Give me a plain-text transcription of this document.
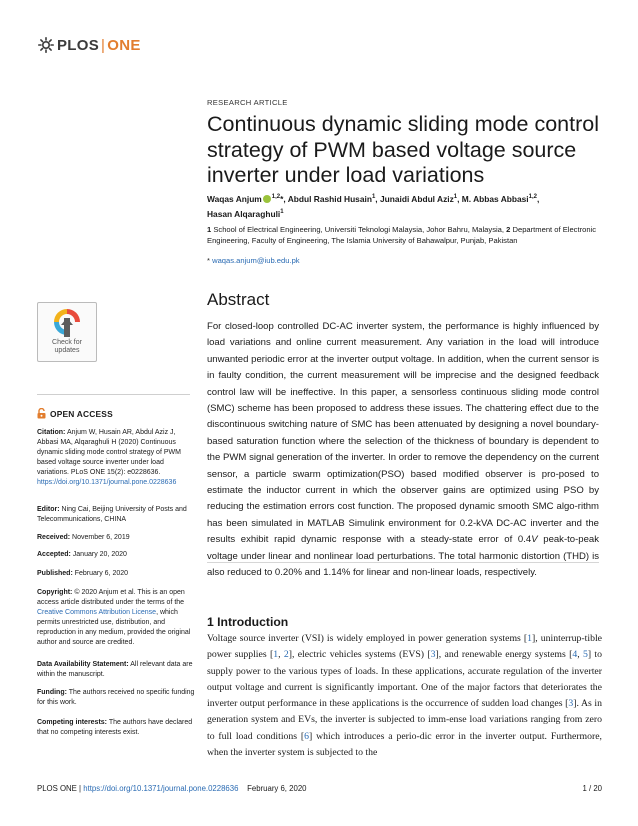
PLOS | ONE
RESEARCH ARTICLE
Continuous dynamic sliding mode control strategy of PWM based voltage source inverter under load variations
Waqas Anjum $^{1,2}$*, Abdul Rashid Husain$^1$, Junaidi Abdul Aziz$^1$, M. Abbas Abbasi$^{1,2}$,
Hasan Alqaraghuli$^1$
1 School of Electrical Engineering, Universiti Teknologi Malaysia, Johor Bahru, Malaysia, 2 Department of Electronic Engineering, Faculty of Engineering, The Islamia University of Bahawalpur, Punjab, Pakistan
* waqas.anjum@iub.edu.pk
Abstract
For closed-loop controlled DC-AC inverter system, the performance is highly influenced by load variations and online current measurement. Any variation in the load will introduce unwanted periodic error at the inverter output voltage. In addition, when the current sensor is in faulty condition, the current measurement will be imprecise and the designed feedback control law will be ineffective. In this paper, a sensorless continuous sliding mode control (SMC) scheme has been proposed to address these issues. The chattering effect due to the discontinuous switching nature of SMC has been attenuated by designing a novel boundary-based saturation function where the selection of the thickness of boundary is dependent to the PWM signal generation of the inverter. In order to remove the dependency on the current sensor, a particle swarm optimization(PSO) based modified observer is pro-posed to estimate the inductor current in which the observer gains are optimized using PSO by reducing the estimation errors cost function. The proposed dynamic smooth SMC algo-rithm has been simulated in MATLAB Simulink environment for 0.2-kVA DC-AC inverter and the results exhibit rapid dynamic response with a steady-state error of 0.4V peak-to-peak voltage under linear and nonlinear load perturbations. The total harmonic distortion (THD) is also reduced to 0.20% and 1.14% for linear and non-linear loads, respectively.
1 Introduction
Voltage source inverter (VSI) is widely employed in power generation systems [1], uninterrup-tible power supplies [1, 2], electric vehicles systems (EVS) [3], and renewable energy systems [4, 5] to supply power to the various types of loads. In these applications, accurate regulation of the inverter output voltage and current is significantly important. One of the major factors that deteriorates the inverter output performance in these applications is the occurrence of sudden load changes [3]. As in generation system and EVs, the inverter is subjected to imm-ense load variations ranging from zero to full load conditions [6] which introduces a perio-dic error in the inverter output. Furthermore, when the inverter system is subjected to the
Check for
updates
OPEN ACCESS
Citation: Anjum W, Husain AR, Abdul Aziz J, Abbasi MA, Alqaraghuli H (2020) Continuous dynamic sliding mode control strategy of PWM based voltage source inverter under load variations. PLoS ONE 15(2): e0228636. https://doi.org/10.1371/journal.pone.0228636
Editor: Ning Cai, Beijing University of Posts and Telecommunications, CHINA
Received: November 6, 2019
Accepted: January 20, 2020
Published: February 6, 2020
Copyright: © 2020 Anjum et al. This is an open access article distributed under the terms of the Creative Commons Attribution License, which permits unrestricted use, distribution, and reproduction in any medium, provided the original author and source are credited.
Data Availability Statement: All relevant data are within the manuscript.
Funding: The authors received no specific funding for this work.
Competing interests: The authors have declared that no competing interests exist.
PLOS ONE | https://doi.org/10.1371/journal.pone.0228636 February 6, 2020	1 / 20
